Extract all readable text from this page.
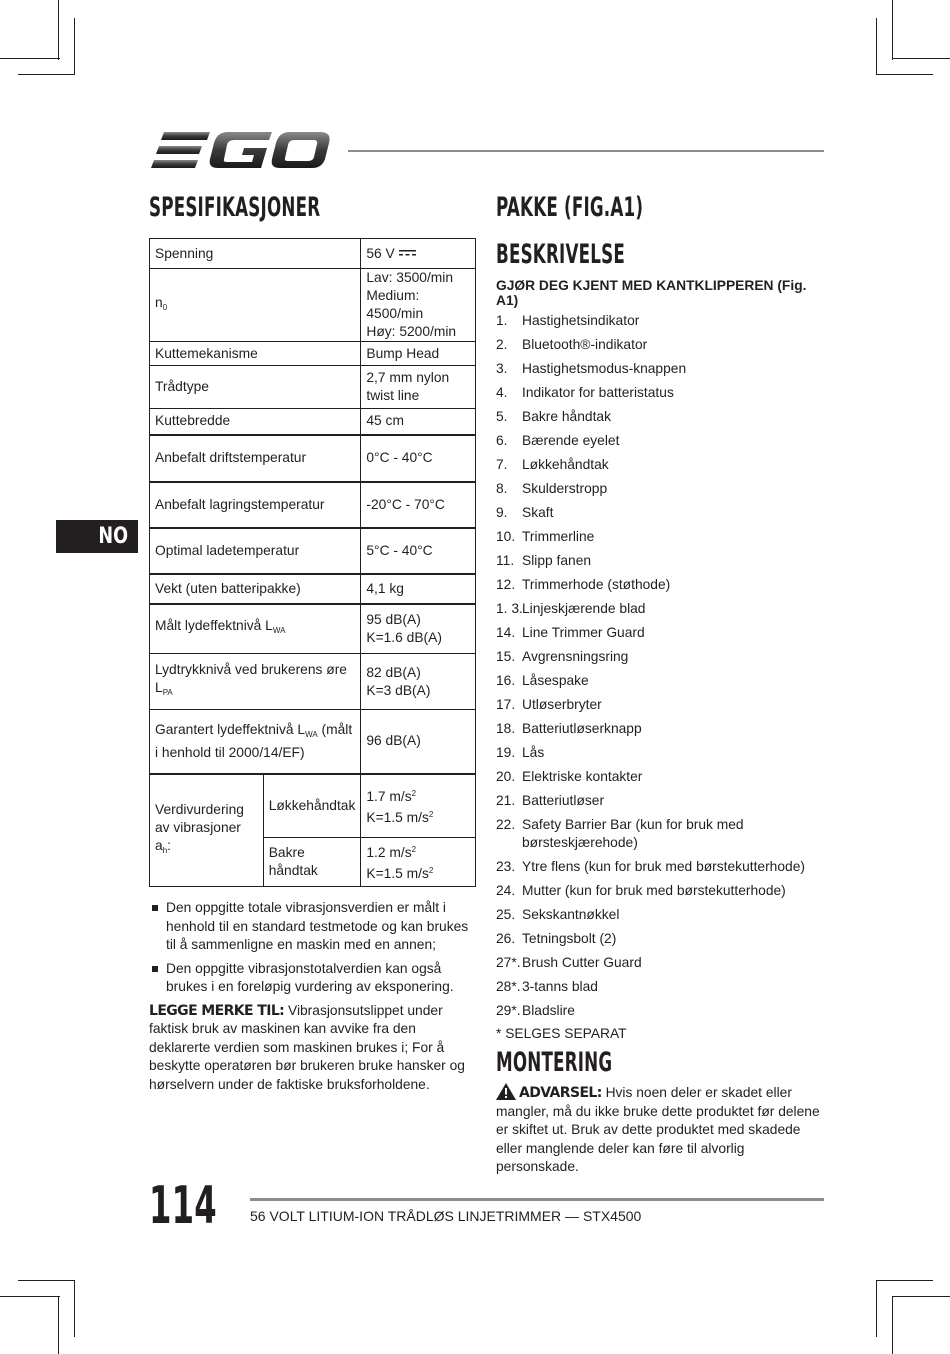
NO
SPESIFIKASJONER
Spenning		56 V
$n_0$		Lav: 3500/min
Medium: 4500/min
Høy: 5200/min

Kuttemekanisme		Bump Head
Trådtype		2,7 mm nylon
twist line

Kuttebredde		45 cm
Anbefalt driftstemperatur		0°C - 40°C
Anbefalt lagringstemperatur		-20°C - 70°C
Optimal ladetemperatur		5°C - 40°C
Vekt (uten batteripakke)		4,1 kg
Målt lydeffektnivå $L_{WA}$		95 dB(A)
K=1.6 dB(A)

Lydtrykknivå ved brukerens øre $L_{PA}$		82 dB(A)
K=3 dB(A)

Garantert lydeffektnivå $L_{WA}$ (målt i henhold til 2000/14/EF)		96 dB(A)
Verdivurdering av vibrasjoner $a_h$:	Løkkehåndtak	1.7 $m/s^2$
K=1.5 $m/s^2$

	Bakre håndtak	1.2 $m/s^2$
K=1.5 $m/s^2$
Den oppgitte totale vibrasjonsverdien er målt i henhold til en standard testmetode og kan brukes til å sammenligne en maskin med en annen;
Den oppgitte vibrasjonstotalverdien kan også brukes i en foreløpig vurdering av eksponering.

LEGGE MERKE TIL: Vibrasjonsutslippet under faktisk bruk av maskinen kan avvike fra den deklarerte verdien som maskinen brukes i; For å beskytte operatøren bør brukeren bruke hansker og hørselvern under de faktiske bruksforholdene.

PAKKE (FIG.A1)
BESKRIVELSE
GJØR DEG KJENT MED KANTKLIPPEREN (Fig. A1)
1. Hastighetsindikator
2. Bluetooth®-indikator
3. Hastighetsmodus-knappen
4. Indikator for batteristatus
5. Bakre håndtak
6. Bærende eyelet
7. Løkkehåndtak
8. Skulderstropp
9. Skaft
10. Trimmerline
11. Slipp fanen
12. Trimmerhode (støthode)
1. 3. Linjeskjærende blad
14. Line Trimmer Guard
15. Avgrensningsring
16. Låsespake
17. Utløserbryter
18. Batteriutløserknapp
19. Lås
20. Elektriske kontakter
21. Batteriutløser
22. Safety Barrier Bar (kun for bruk med børsteskjærehode)
23. Ytre flens (kun for bruk med børstekutterhode)
24. Mutter (kun for bruk med børstekutterhode)
25. Sekskantnøkkel
26. Tetningsbolt (2)
27*. Brush Cutter Guard
28*. 3-tanns blad
29*. Bladslire
* SELGES SEPARAT
MONTERING

ADVARSEL: Hvis noen deler er skadet eller mangler, må du ikke bruke dette produktet før delene er skiftet ut. Bruk av dette produktet med skadede eller manglende deler kan føre til alvorlig personskade.

114 56 VOLT LITIUM-ION TRÅDLØS LINJETRIMMER — STX4500
